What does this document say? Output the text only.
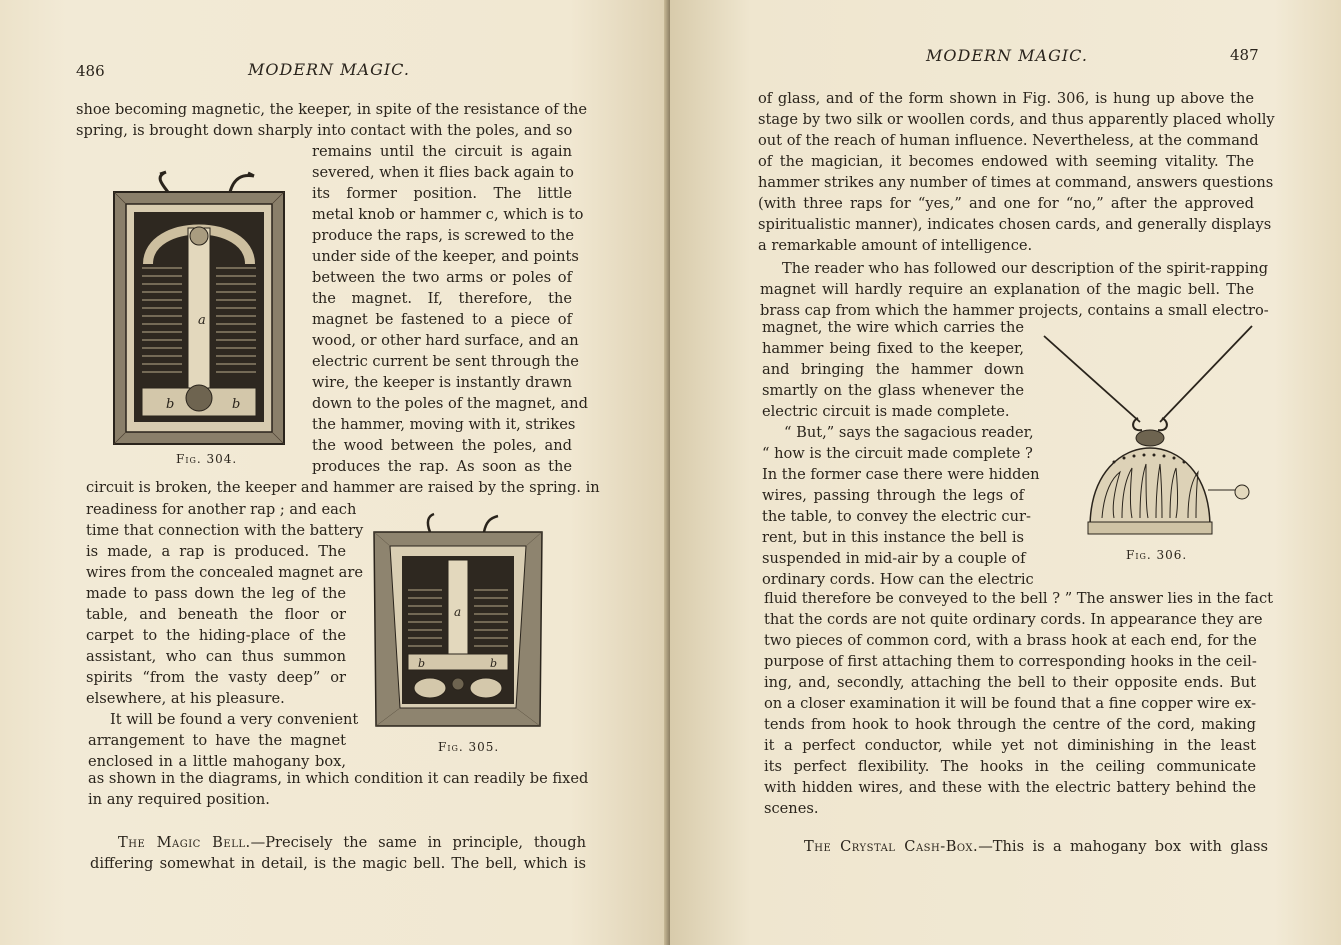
486	MODERN MAGIC.
shoe becoming magnetic, the keeper, in spite of the resistance of the
spring, is brought down sharply into contact with the poles, and so
a
b	b
Fig. 304.
remains until the circuit is again
severed, when it flies back again to
its former position. The little
metal knob or hammer c, which is to
produce the raps, is screwed to the
under side of the keeper, and points
between the two arms or poles of
the magnet. If, therefore, the
magnet be fastened to a piece of
wood, or other hard surface, and an
electric current be sent through the
wire, the keeper is instantly drawn
down to the poles of the magnet, and
the hammer, moving with it, strikes
the wood between the poles, and
produces the rap. As soon as the
circuit is broken, the keeper and hammer are raised by the spring. in
a
b	b
Fig. 305.
readiness for another rap ; and each
time that connection with the battery
is made, a rap is produced. The
wires from the concealed magnet are
made to pass down the leg of the
table, and beneath the floor or
carpet to the hiding-place of the
assistant, who can thus summon
spirits “from the vasty deep” or
elsewhere, at his pleasure.
It will be found a very convenient
arrangement to have the magnet
enclosed in a little mahogany box,
as shown in the diagrams, in which condition it can readily be fixed
in any required position.
The Magic Bell.—Precisely the same in principle, though
differing somewhat in detail, is the magic bell. The bell, which is
MODERN MAGIC.	487
of glass, and of the form shown in Fig. 306, is hung up above the
stage by two silk or woollen cords, and thus apparently placed wholly
out of the reach of human influence. Nevertheless, at the command
of the magician, it becomes endowed with seeming vitality. The
hammer strikes any number of times at command, answers questions
(with three raps for “yes,” and one for “no,” after the approved
spiritualistic manner), indicates chosen cards, and generally displays
a remarkable amount of intelligence.
The reader who has followed our description of the spirit-rapping
magnet will hardly require an explanation of the magic bell. The
brass cap from which the hammer projects, contains a small electro-
magnet, the wire which carries the
hammer being fixed to the keeper,
and bringing the hammer down
smartly on the glass whenever the
electric circuit is made complete.
“ But,” says the sagacious reader,
“ how is the circuit made complete ?
In the former case there were hidden
wires, passing through the legs of
the table, to convey the electric cur-
rent, but in this instance the bell is
suspended in mid-air by a couple of
ordinary cords. How can the electric
Fig. 306.
fluid therefore be conveyed to the bell ? ” The answer lies in the fact
that the cords are not quite ordinary cords. In appearance they are
two pieces of common cord, with a brass hook at each end, for the
purpose of first attaching them to corresponding hooks in the ceil-
ing, and, secondly, attaching the bell to their opposite ends. But
on a closer examination it will be found that a fine copper wire ex-
tends from hook to hook through the centre of the cord, making
it a perfect conductor, while yet not diminishing in the least
its perfect flexibility. The hooks in the ceiling communicate
with hidden wires, and these with the electric battery behind the
scenes.
The Crystal Cash-Box.—This is a mahogany box with glass
